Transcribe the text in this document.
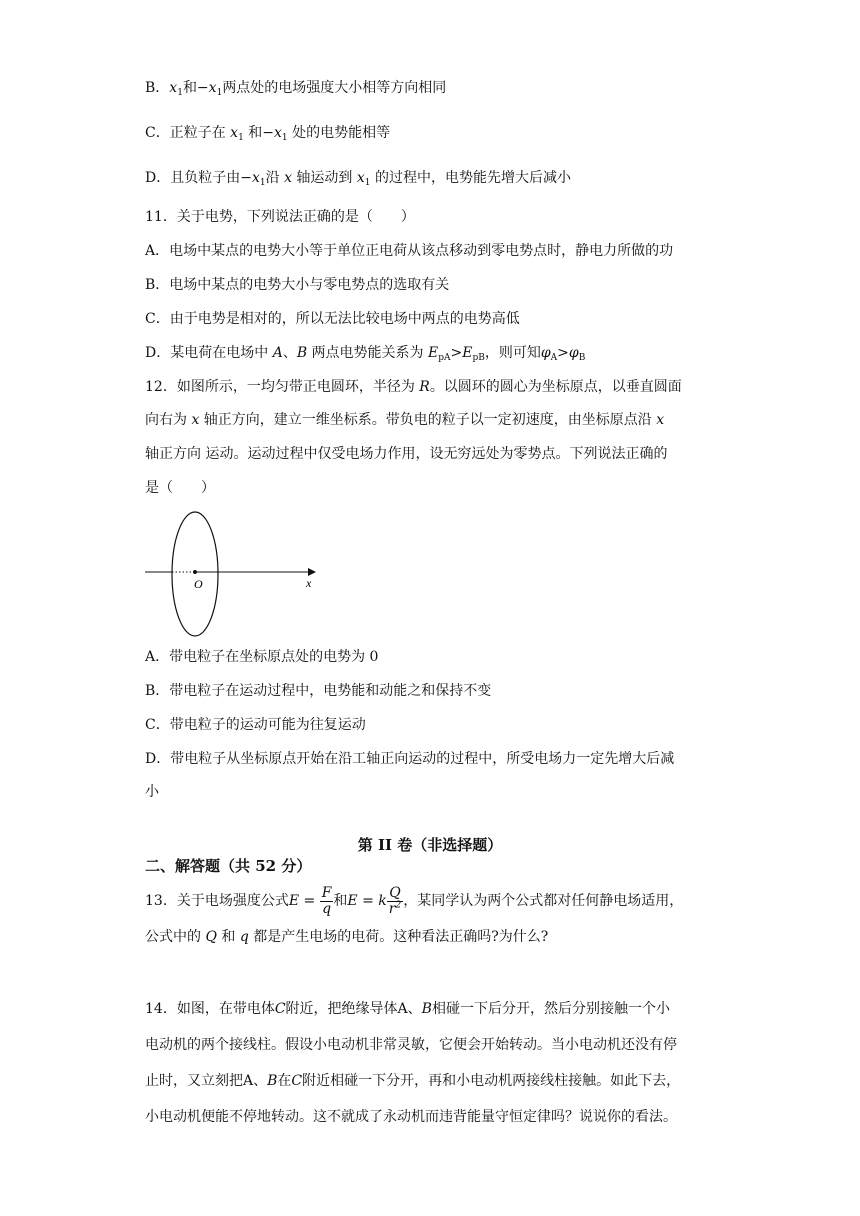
B．$x_1$和$-x_1$两点处的电场强度大小相等方向相同
C．正粒子在 $x_1$ 和$-x_1$ 处的电势能相等
D．且负粒子由$-x_1$沿 x 轴运动到 $x_1$ 的过程中，电势能先增大后减小
11．关于电势，下列说法正确的是（　　）
A．电场中某点的电势大小等于单位正电荷从该点移动到零电势点时，静电力所做的功
B．电场中某点的电势大小与零电势点的选取有关
C．由于电势是相对的，所以无法比较电场中两点的电势高低
D．某电荷在电场中 A、B 两点电势能关系为 $E_{pA}>E_{pB}$，则可知$\varphi_A>\varphi_B$
12．如图所示，一均匀带正电圆环，半径为 R。以圆环的圆心为坐标原点，以垂直圆面
向右为 x 轴正方向，建立一维坐标系。带负电的粒子以一定初速度，由坐标原点沿 x
轴正方向 运动。运动过程中仅受电场力作用，设无穷远处为零势点。下列说法正确的
是（　　）
O	x
A．带电粒子在坐标原点处的电势为 0
B．带电粒子在运动过程中，电势能和动能之和保持不变
C．带电粒子的运动可能为往复运动
D．带电粒子从坐标原点开始在沿工轴正向运动的过程中，所受电场力一定先增大后减
小
第 II 卷（非选择题）
二、解答题（共 52 分）
13．关于电场强度公式$E = \frac{F}{q}$ 和E = k $\frac{Q}{r^2}$ ，某同学认为两个公式都对任何静电场适用，
公式中的 Q 和 q 都是产生电场的电荷。这种看法正确吗?为什么?
14．如图，在带电体C附近，把绝缘导体A、B相碰一下后分开，然后分别接触一个小
电动机的两个接线柱。假设小电动机非常灵敏，它便会开始转动。当小电动机还没有停
止时，又立刻把A、B在C附近相碰一下分开，再和小电动机两接线柱接触。如此下去，
小电动机便能不停地转动。这不就成了永动机而违背能量守恒定律吗？说说你的看法。
